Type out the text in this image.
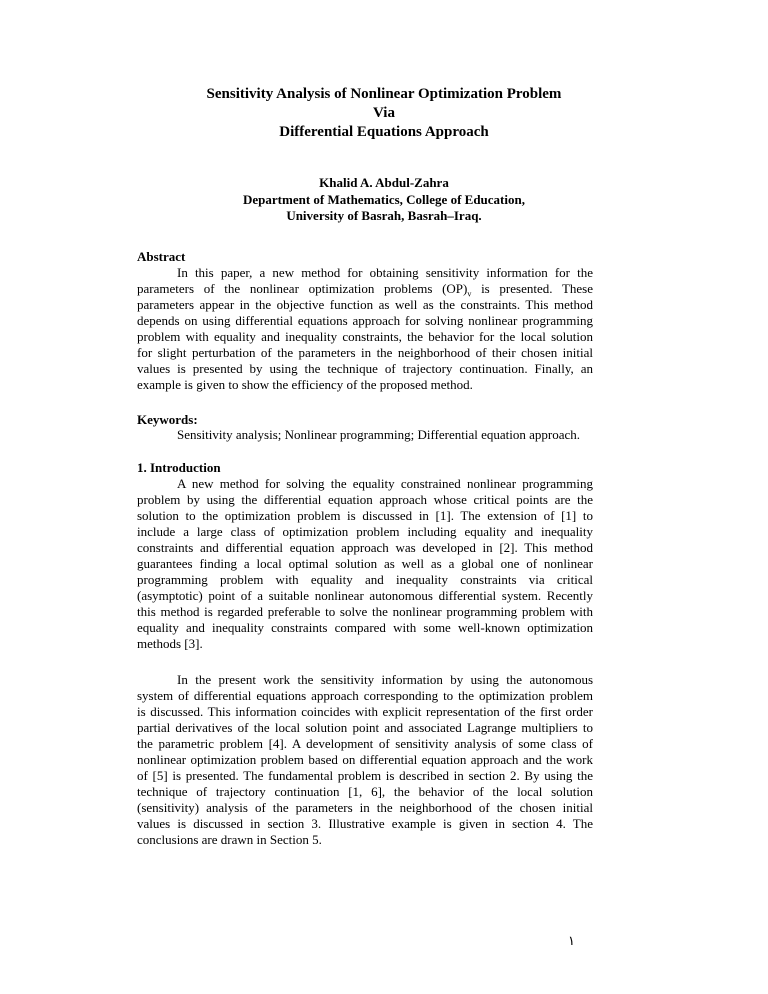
Sensitivity Analysis of Nonlinear Optimization Problem
Via
Differential Equations Approach
Khalid A. Abdul-Zahra
Department of Mathematics, College of Education,
University of Basrah, Basrah–Iraq.
Abstract
In this paper, a new method for obtaining sensitivity information for the
parameters of the nonlinear optimization problems $(OP)_v$ is presented. These
parameters appear in the objective function as well as the constraints. This method
depends on using differential equations approach for solving nonlinear programming
problem with equality and inequality constraints, the behavior for the local solution
for slight perturbation of the parameters in the neighborhood of their chosen initial
values is presented by using the technique of trajectory continuation. Finally, an
example is given to show the efficiency of the proposed method.
Keywords:
Sensitivity analysis; Nonlinear programming; Differential equation approach.
1. Introduction
A new method for solving the equality constrained nonlinear programming
problem by using the differential equation approach whose critical points are the
solution to the optimization problem is discussed in [1]. The extension of [1] to
include a large class of optimization problem including equality and inequality
constraints and differential equation approach was developed in [2]. This method
guarantees finding a local optimal solution as well as a global one of nonlinear
programming problem with equality and inequality constraints via critical
(asymptotic) point of a suitable nonlinear autonomous differential system. Recently
this method is regarded preferable to solve the nonlinear programming problem with
equality and inequality constraints compared with some well-known optimization
methods [3].
In the present work the sensitivity information by using the autonomous
system of differential equations approach corresponding to the optimization problem
is discussed. This information coincides with explicit representation of the first order
partial derivatives of the local solution point and associated Lagrange multipliers to
the parametric problem [4]. A development of sensitivity analysis of some class of
nonlinear optimization problem based on differential equation approach and the work
of [5] is presented. The fundamental problem is described in section 2. By using the
technique of trajectory continuation [1, 6], the behavior of the local solution
(sensitivity) analysis of the parameters in the neighborhood of the chosen initial
values is discussed in section 3. Illustrative example is given in section 4. The
conclusions are drawn in Section 5.
١
